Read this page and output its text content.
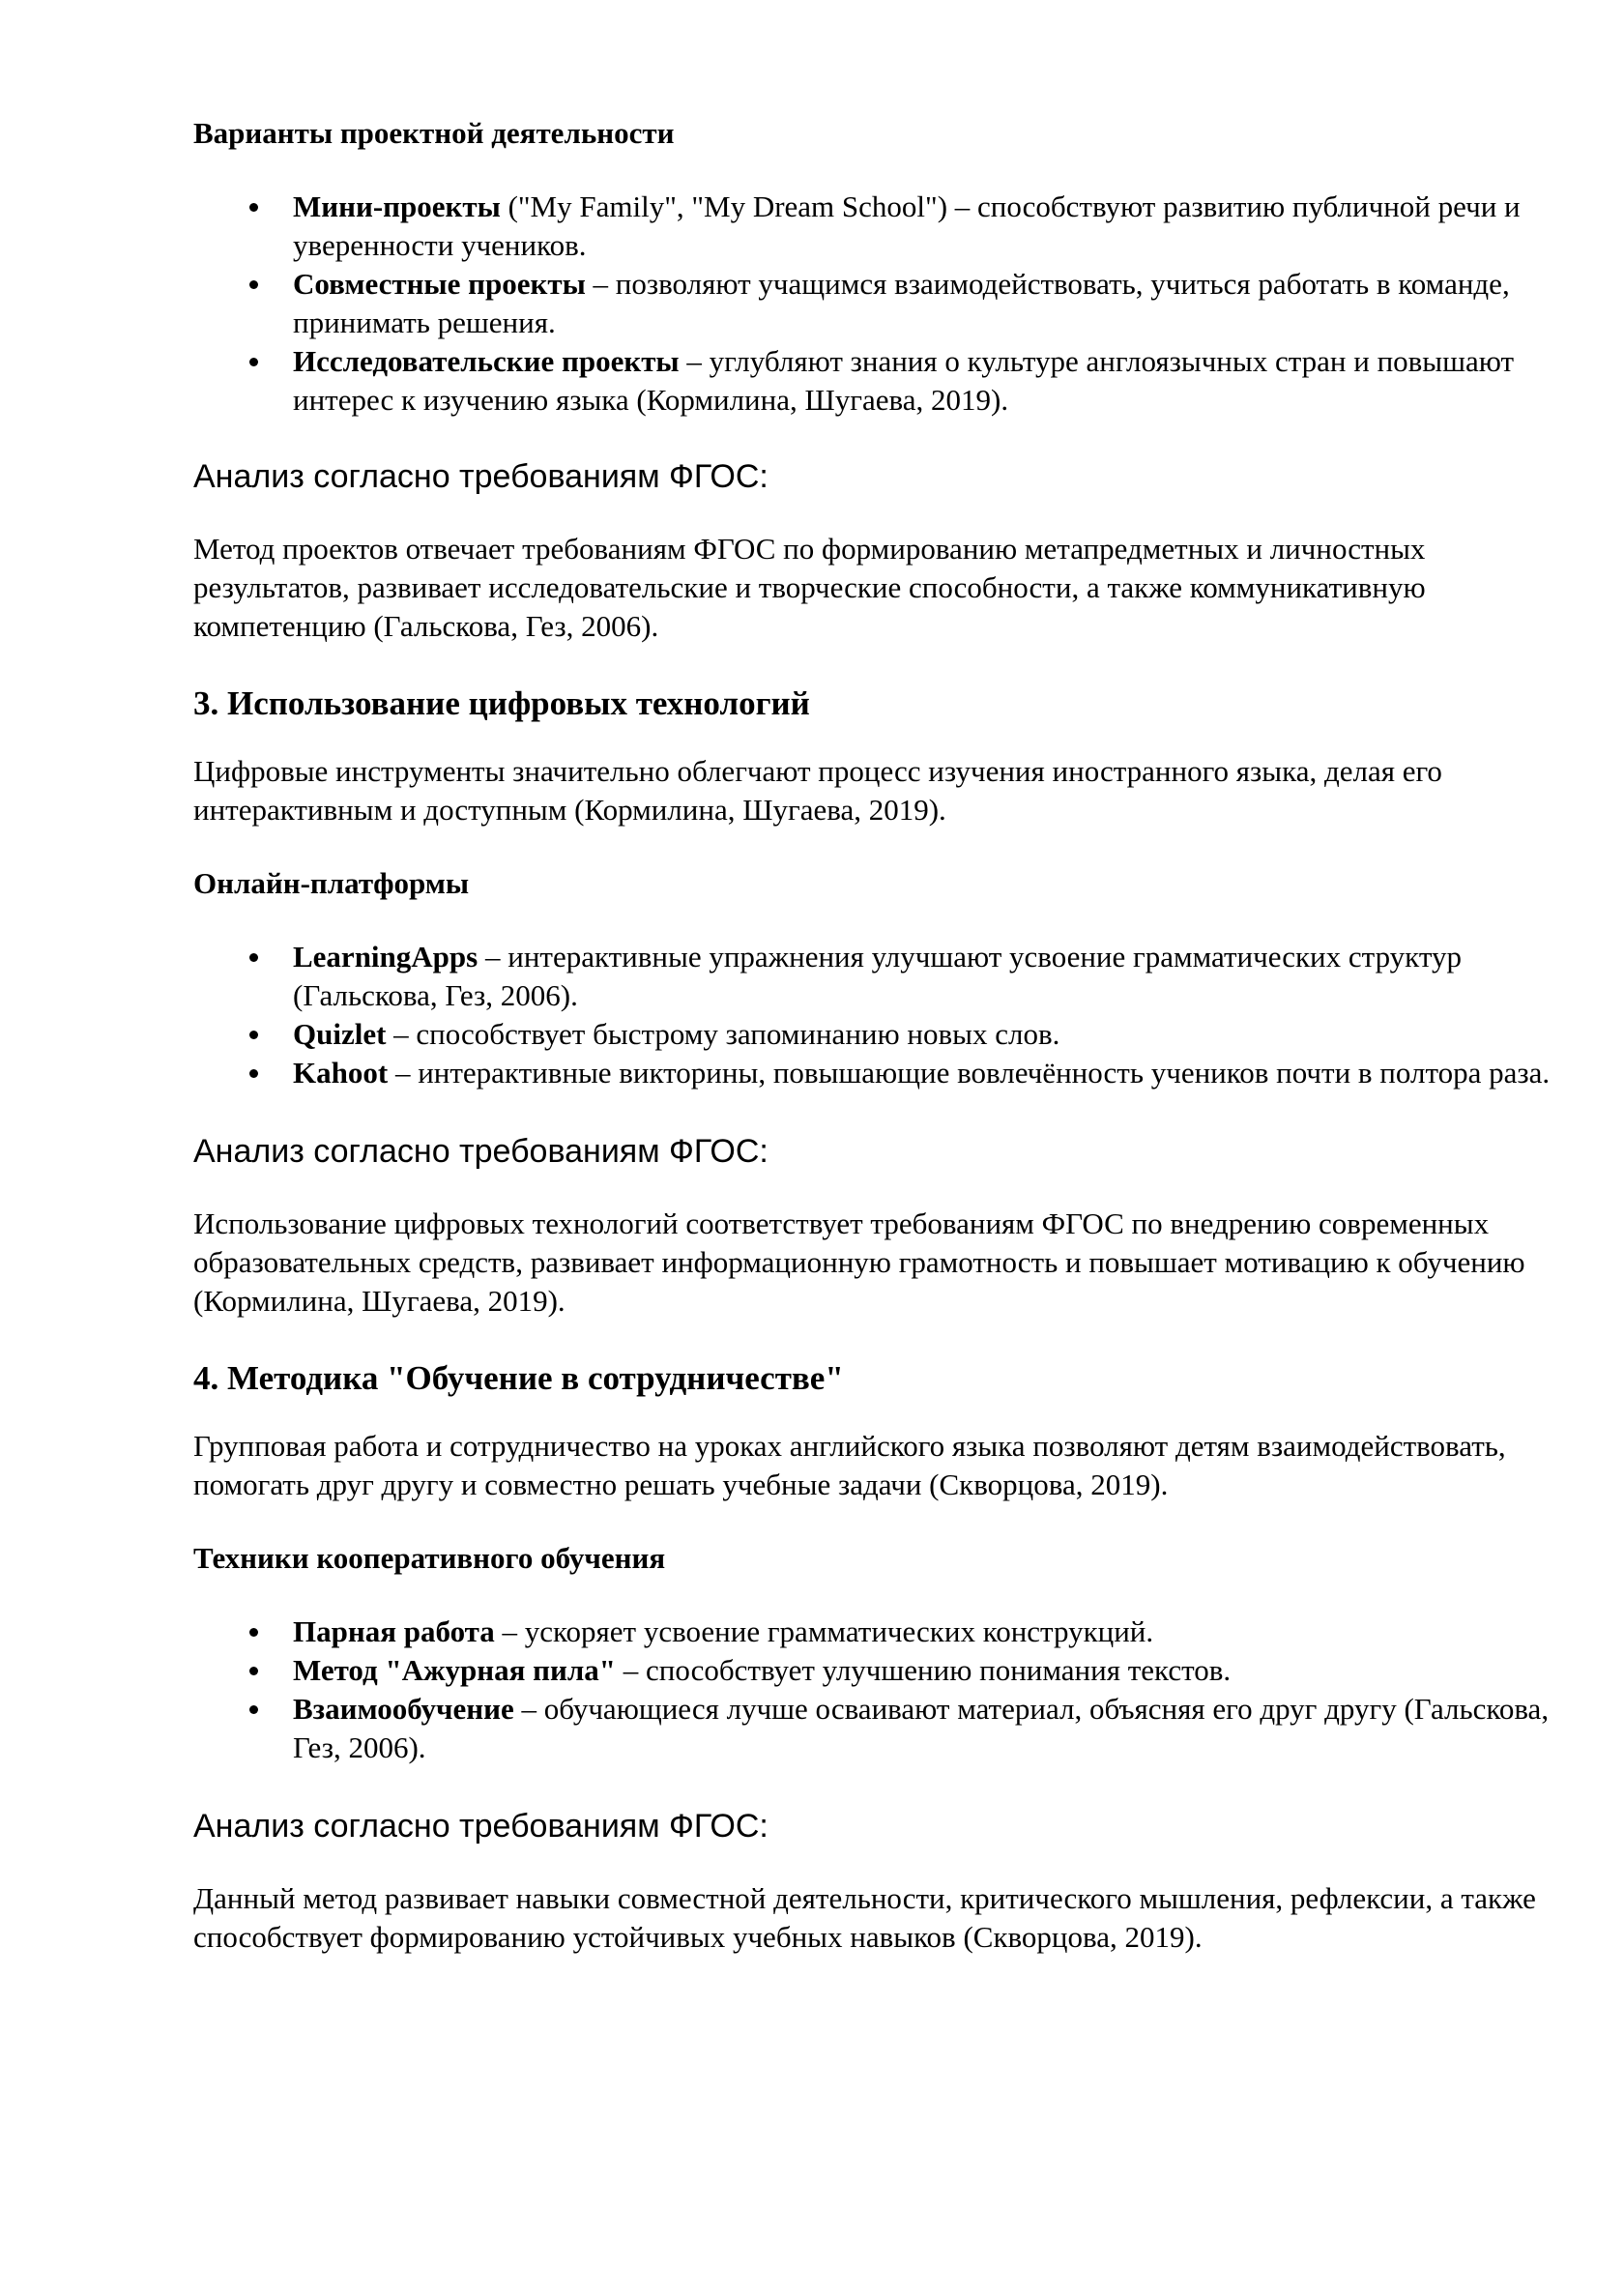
Варианты проектной деятельности

Мини-проекты ("My Family", "My Dream School") – способствуют развитию публичной речи и уверенности учеников.
Совместные проекты – позволяют учащимся взаимодействовать, учиться работать в команде, принимать решения.
Исследовательские проекты – углубляют знания о культуре англоязычных стран и повышают интерес к изучению языка (Кормилина, Шугаева, 2019).

Анализ согласно требованиям ФГОС:

Метод проектов отвечает требованиям ФГОС по формированию метапредметных и личностных результатов, развивает исследовательские и творческие способности, а также коммуникативную компетенцию (Гальскова, Гез, 2006).

3. Использование цифровых технологий

Цифровые инструменты значительно облегчают процесс изучения иностранного языка, делая его интерактивным и доступным (Кормилина, Шугаева, 2019).

Онлайн-платформы

LearningApps – интерактивные упражнения улучшают усвоение грамматических структур (Гальскова, Гез, 2006).
Quizlet – способствует быстрому запоминанию новых слов.
Kahoot – интерактивные викторины, повышающие вовлечённость учеников почти в полтора раза.

Анализ согласно требованиям ФГОС:

Использование цифровых технологий соответствует требованиям ФГОС по внедрению современных образовательных средств, развивает информационную грамотность и повышает мотивацию к обучению (Кормилина, Шугаева, 2019).

4. Методика "Обучение в сотрудничестве"

Групповая работа и сотрудничество на уроках английского языка позволяют детям взаимодействовать, помогать друг другу и совместно решать учебные задачи (Скворцова, 2019).

Техники кооперативного обучения

Парная работа – ускоряет усвоение грамматических конструкций.
Метод "Ажурная пила" – способствует улучшению понимания текстов.
Взаимообучение – обучающиеся лучше осваивают материал, объясняя его друг другу (Гальскова, Гез, 2006).

Анализ согласно требованиям ФГОС:

Данный метод развивает навыки совместной деятельности, критического мышления, рефлексии, а также способствует формированию устойчивых учебных навыков (Скворцова, 2019).
